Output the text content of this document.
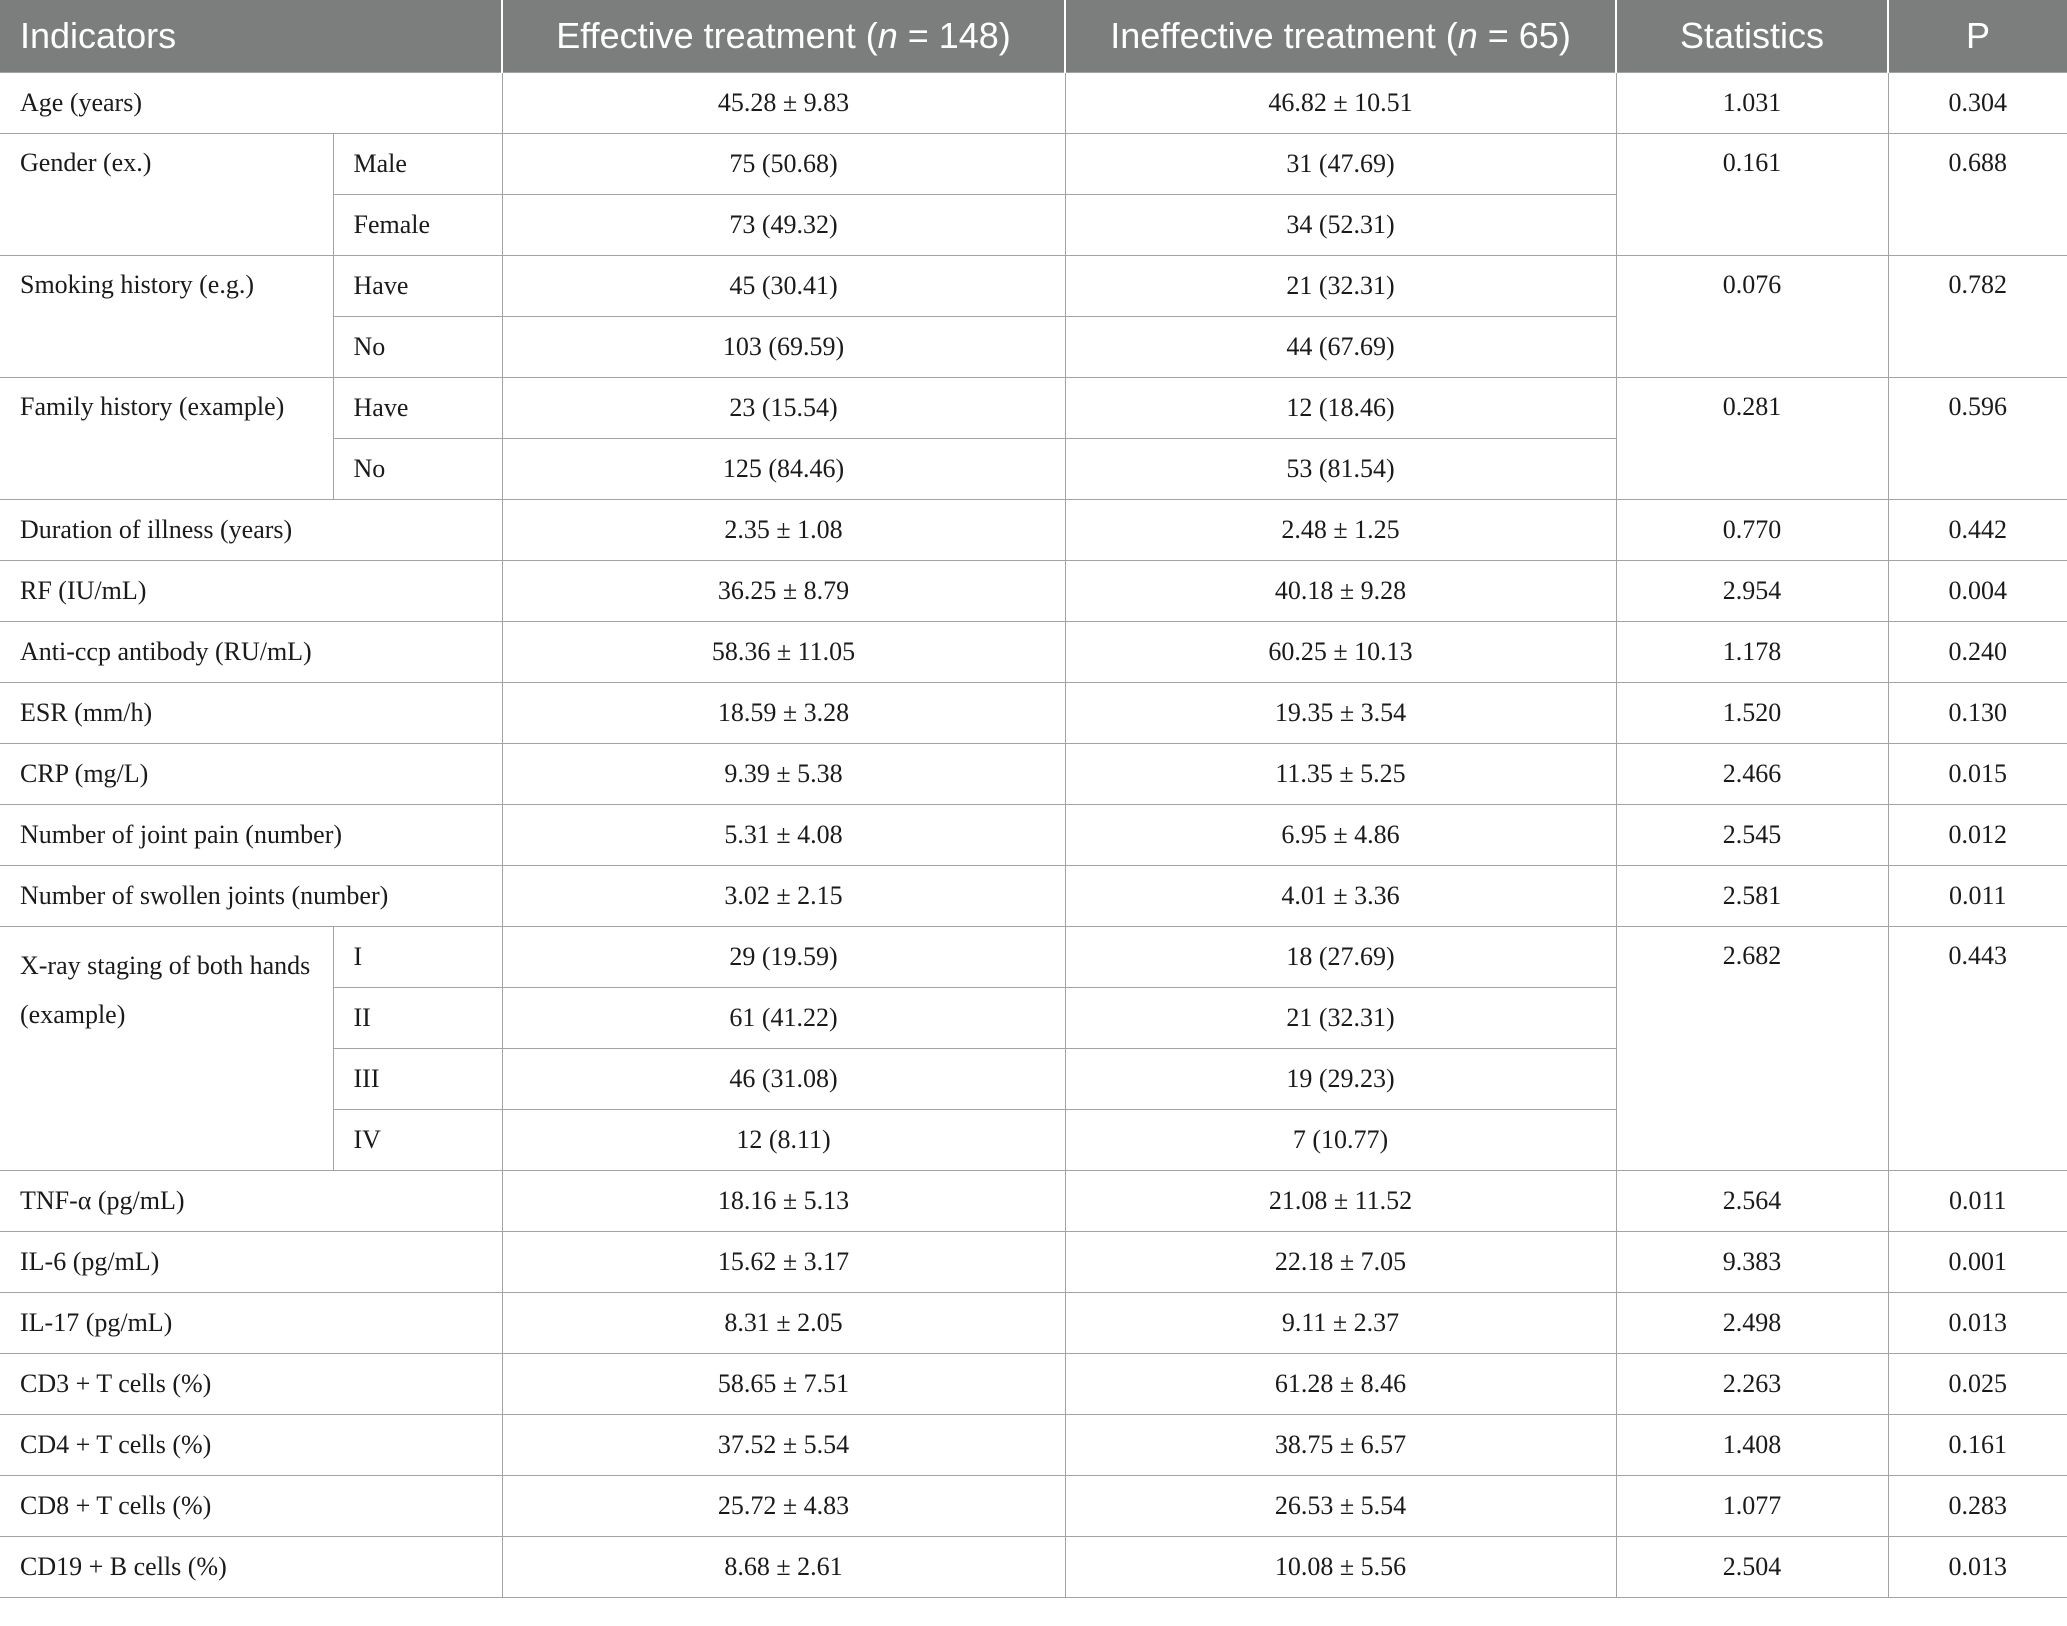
Indicators		Effective treatment (n = 148)	Ineffective treatment (n = 65)	Statistics	P
Age (years)		45.28 ± 9.83	46.82 ± 10.51	1.031	0.304
Gender (ex.)	Male	75 (50.68)	31 (47.69)	0.161	0.688
	Female	73 (49.32)	34 (52.31)		
Smoking history (e.g.)	Have	45 (30.41)	21 (32.31)	0.076	0.782
	No	103 (69.59)	44 (67.69)		
Family history (example)	Have	23 (15.54)	12 (18.46)	0.281	0.596
	No	125 (84.46)	53 (81.54)		
Duration of illness (years)		2.35 ± 1.08	2.48 ± 1.25	0.770	0.442
RF (IU/mL)		36.25 ± 8.79	40.18 ± 9.28	2.954	0.004
Anti-ccp antibody (RU/mL)		58.36 ± 11.05	60.25 ± 10.13	1.178	0.240
ESR (mm/h)		18.59 ± 3.28	19.35 ± 3.54	1.520	0.130
CRP (mg/L)		9.39 ± 5.38	11.35 ± 5.25	2.466	0.015
Number of joint pain (number)		5.31 ± 4.08	6.95 ± 4.86	2.545	0.012
Number of swollen joints (number)		3.02 ± 2.15	4.01 ± 3.36	2.581	0.011
X-ray staging of both hands (example)	I	29 (19.59)	18 (27.69)	2.682	0.443
	II	61 (41.22)	21 (32.31)		
	III	46 (31.08)	19 (29.23)		
	IV	12 (8.11)	7 (10.77)		
TNF-α (pg/mL)		18.16 ± 5.13	21.08 ± 11.52	2.564	0.011
IL-6 (pg/mL)		15.62 ± 3.17	22.18 ± 7.05	9.383	0.001
IL-17 (pg/mL)		8.31 ± 2.05	9.11 ± 2.37	2.498	0.013
CD3 + T cells (%)		58.65 ± 7.51	61.28 ± 8.46	2.263	0.025
CD4 + T cells (%)		37.52 ± 5.54	38.75 ± 6.57	1.408	0.161
CD8 + T cells (%)		25.72 ± 4.83	26.53 ± 5.54	1.077	0.283
CD19 + B cells (%)		8.68 ± 2.61	10.08 ± 5.56	2.504	0.013
